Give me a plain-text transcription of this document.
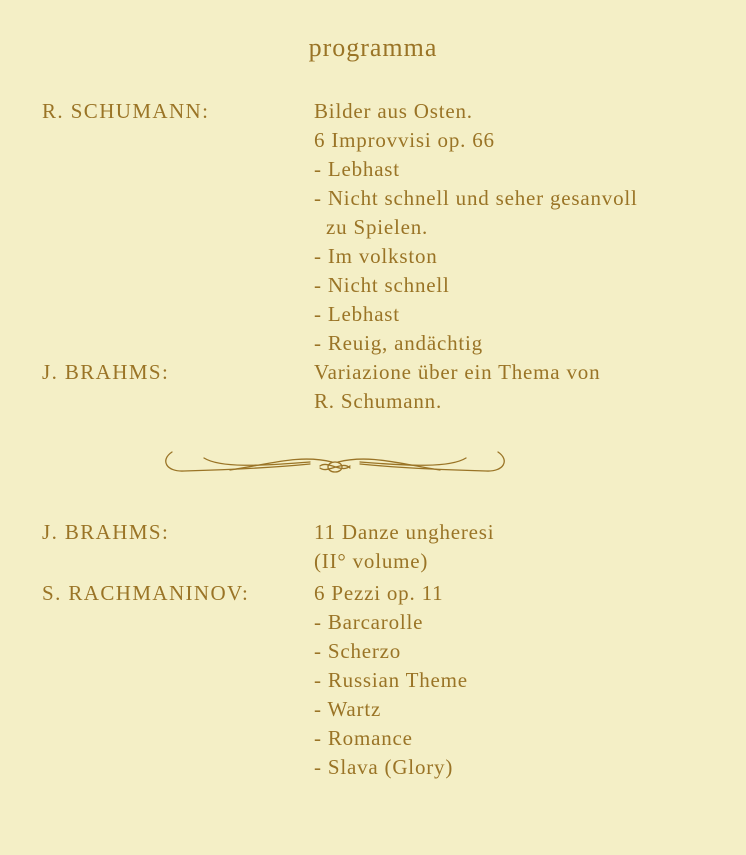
programma
R. SCHUMANN:	Bilder aus Osten.
6 Improvvisi op. 66
- Lebhast
- Nicht schnell und seher gesanvoll
zu Spielen.
- Im volkston
- Nicht schnell
- Lebhast
- Reuig, andächtig
J. BRAHMS:	Variazione über ein Thema von
R. Schumann.
J. BRAHMS:	11 Danze ungheresi
(II° volume)
S. RACHMANINOV:	6 Pezzi op. 11
- Barcarolle
- Scherzo
- Russian Theme
- Wartz
- Romance
- Slava (Glory)
